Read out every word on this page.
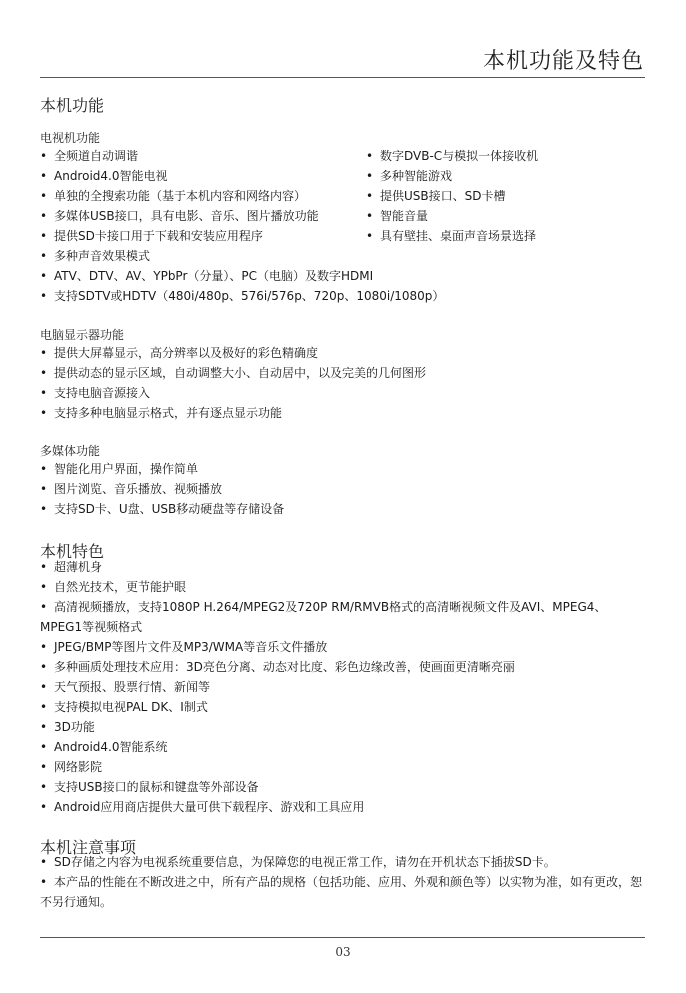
本机功能及特色
本机功能
电视机功能
• 全频道自动调谐
• Android4.0智能电视
• 单独的全搜索功能（基于本机内容和网络内容）
• 多媒体USB接口，具有电影、音乐、图片播放功能
• 提供SD卡接口用于下载和安装应用程序
• 多种声音效果模式
• ATV、DTV、AV、YPbPr（分量）、PC（电脑）及数字HDMI
• 支持SDTV或HDTV（480i/480p、576i/576p、720p、1080i/1080p）
• 数字DVB-C与模拟一体接收机
• 多种智能游戏
• 提供USB接口、SD卡槽
• 智能音量
• 具有壁挂、桌面声音场景选择
电脑显示器功能
• 提供大屏幕显示，高分辨率以及极好的彩色精确度
• 提供动态的显示区域，自动调整大小、自动居中，以及完美的几何图形
• 支持电脑音源接入
• 支持多种电脑显示格式，并有逐点显示功能
多媒体功能
• 智能化用户界面，操作简单
• 图片浏览、音乐播放、视频播放
• 支持SD卡、U盘、USB移动硬盘等存储设备
本机特色
• 超薄机身
• 自然光技术，更节能护眼
• 高清视频播放，支持1080P H.264/MPEG2及720P RM/RMVB格式的高清晰视频文件及AVI、MPEG4、
MPEG1等视频格式
• JPEG/BMP等图片文件及MP3/WMA等音乐文件播放
• 多种画质处理技术应用：3D亮色分离、动态对比度、彩色边缘改善，使画面更清晰亮丽
• 天气预报、股票行情、新闻等
• 支持模拟电视PAL DK、I制式
• 3D功能
• Android4.0智能系统
• 网络影院
• 支持USB接口的鼠标和键盘等外部设备
• Android应用商店提供大量可供下载程序、游戏和工具应用
本机注意事项
• SD存储之内容为电视系统重要信息，为保障您的电视正常工作，请勿在开机状态下插拔SD卡。
• 本产品的性能在不断改进之中，所有产品的规格（包括功能、应用、外观和颜色等）以实物为准，如有更改，恕不另行通知。
03
